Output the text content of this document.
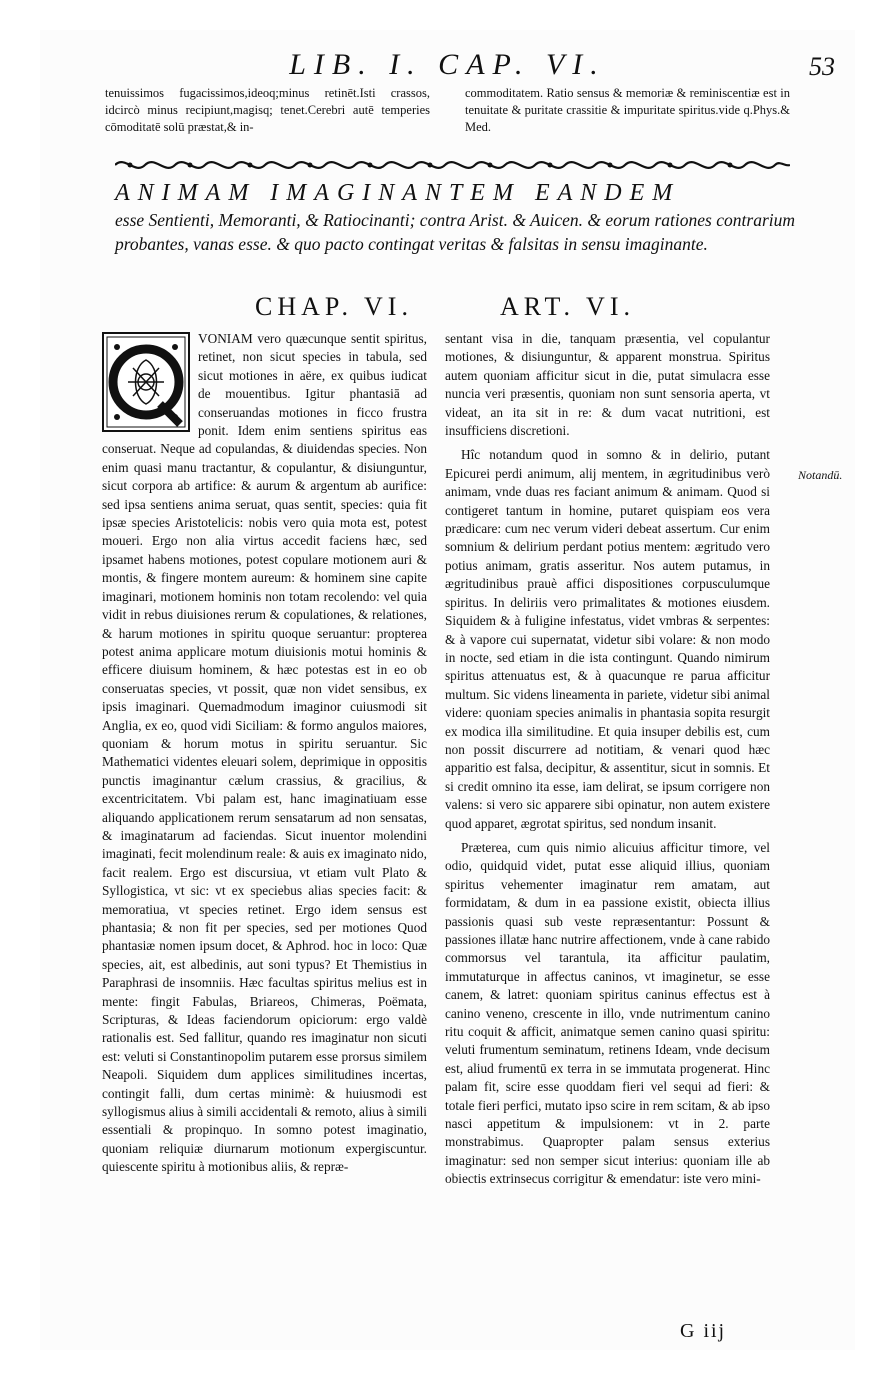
LIB. I. CAP. VI.	53
tenuissimos fugacissimos,ideoq;minus retinēt.Isti crassos, idcircò minus recipiunt,magisq; tenet.Cerebri autē temperies cōmoditatē solū præstat,& in-
commoditatem. Ratio sensus & memoriæ & reminiscentiæ est in tenuitate & puritate crassitie & impuritate spiritus.vide q.Phys.& Med.
ANIMAM IMAGINANTEM EANDEM
esse Sentienti, Memoranti, & Ratiocinanti; contra Arist. & Auicen. & eorum rationes contrarium probantes, vanas esse. & quo pacto contingat veritas & falsitas in sensu imaginante.
CHAP. VI.	ART. VI.

VONIAM vero quæcunque sentit spiritus, retinet, non sicut species in tabula, sed sicut motiones in aëre, ex quibus iudicat de mouentibus. Igitur phantasiā ad conseruandas motiones in ficco frustra ponit. Idem enim sentiens spiritus eas conseruat. Neque ad copulandas, & diuidendas species. Non enim quasi manu tractantur, & copulantur, & disiunguntur, sicut corpora ab artifice: & aurum & argentum ab aurifice: sed ipsa sentiens anima seruat, quas sentit, species: quia fit ipsæ species Aristotelicis: nobis vero quia mota est, potest moueri. Ergo non alia virtus accedit faciens hæc, sed ipsamet habens motiones, potest copulare motionem auri & montis, & fingere montem aureum: & hominem sine capite imaginari, motionem hominis non totam recolendo: vel quia vidit in rebus diuisiones rerum & copulationes, & relationes, & harum motiones in spiritu quoque seruantur: propterea potest anima applicare motum diuisionis motui hominis & efficere diuisum hominem, & hæc potestas est in eo ob conseruatas species, vt possit, quæ non videt sensibus, ex ipsis imaginari. Quemadmodum imaginor cuiusmodi sit Anglia, ex eo, quod vidi Siciliam: & formo angulos maiores, quoniam & horum motus in spiritu seruantur. Sic Mathematici videntes eleuari solem, deprimique in oppositis punctis imaginantur cælum crassius, & gracilius, & excentricitatem. Vbi palam est, hanc imaginatiuam esse aliquando applicationem rerum sensatarum ad non sensatas, & imaginatarum ad faciendas. Sicut inuentor molendini imaginati, fecit molendinum reale: & auis ex imaginato nido, facit realem. Ergo est discursiua, vt etiam vult Plato & Syllogistica, vt sic: vt ex speciebus alias species facit: & memoratiua, vt species retinet. Ergo idem sensus est phantasia; & non fit per species, sed per motiones Quod phantasiæ nomen ipsum docet, & Aphrod. hoc in loco: Quæ species, ait, est albedinis, aut soni typus? Et Themistius in Paraphrasi de insomniis. Hæc facultas spiritus melius est in mente: fingit Fabulas, Briareos, Chimeras, Poëmata, Scripturas, & Ideas faciendorum opiciorum: ergo valdè rationalis est. Sed fallitur, quando res imaginatur non sicuti est: veluti si Constantinopolim putarem esse prorsus similem Neapoli. Siquidem dum applices similitudines incertas, contingit falli, dum certas minimè: & huiusmodi est syllogismus alius à simili accidentali & remoto, alius à simili essentiali & propinquo. In somno potest imaginatio, quoniam reliquiæ diurnarum motionum expergiscuntur. quiescente spiritu à motionibus aliis, & repræ-

sentant visa in die, tanquam præsentia, vel copulantur motiones, & disiunguntur, & apparent monstrua. Spiritus autem quoniam afficitur sicut in die, putat simulacra esse nuncia veri præsentis, quoniam non sunt sensoria aperta, vt videat, an ita sit in re: & dum vacat nutritioni, est insufficiens discretioni.

Hîc notandum quod in somno & in delirio, putant Epicurei perdi animum, alij mentem, in ægritudinibus verò animam, vnde duas res faciant animum & animam. Quod si contigeret tantum in homine, putaret quispiam eos vera prædicare: cum nec verum videri debeat assertum. Cur enim somnium & delirium perdant potius mentem: ægritudo vero potius animam, gratis asseritur. Nos autem putamus, in ægritudinibus prauè affici dispositiones corpusculumque spiritus. In deliriis vero primalitates & motiones eiusdem. Siquidem & à fuligine infestatus, videt vmbras & serpentes: & à vapore cui supernatat, videtur sibi volare: & non modo in nocte, sed etiam in die ista contingunt. Quando nimirum spiritus attenuatus est, & à quacunque re parua afficitur multum. Sic videns lineamenta in pariete, videtur sibi animal videre: quoniam species animalis in phantasia sopita resurgit ex modica illa similitudine. Et quia insuper debilis est, cum non possit discurrere ad notitiam, & venari quod hæc apparitio est falsa, decipitur, & assentitur, sicut in somnis. Et si credit omnino ita esse, iam delirat, se ipsum corrigere non valens: si vero sic apparere sibi opinatur, non autem existere quod apparet, ægrotat spiritus, sed nondum insanit.

Præterea, cum quis nimio alicuius afficitur timore, vel odio, quidquid videt, putat esse aliquid illius, quoniam spiritus vehementer imaginatur rem amatam, aut formidatam, & dum in ea passione existit, obiecta illius passionis quasi sub veste repræsentantur: Possunt & passiones illatæ hanc nutrire affectionem, vnde à cane rabido commorsus vel tarantula, ita afficitur paulatim, immutaturque in affectus caninos, vt imaginetur, se esse canem, & latret: quoniam spiritus caninus effectus est à canino veneno, crescente in illo, vnde nutrimentum canino ritu coquit & afficit, animatque semen canino quasi spiritu: veluti frumentum seminatum, retinens Ideam, vnde decisum est, aliud frumentū ex terra in se immutata progenerat. Hinc palam fit, scire esse quoddam fieri vel sequi ad fieri: & totale fieri perfici, mutato ipso scire in rem scitam, & ab ipso nasci appetitum & impulsionem: vt in 2. parte monstrabimus. Quapropter palam sensus exterius imaginatur: sed non semper sicut interius: quoniam ille ab obiectis extrinsecus corrigitur & emendatur: iste vero mini-

Notandū.
G iij
